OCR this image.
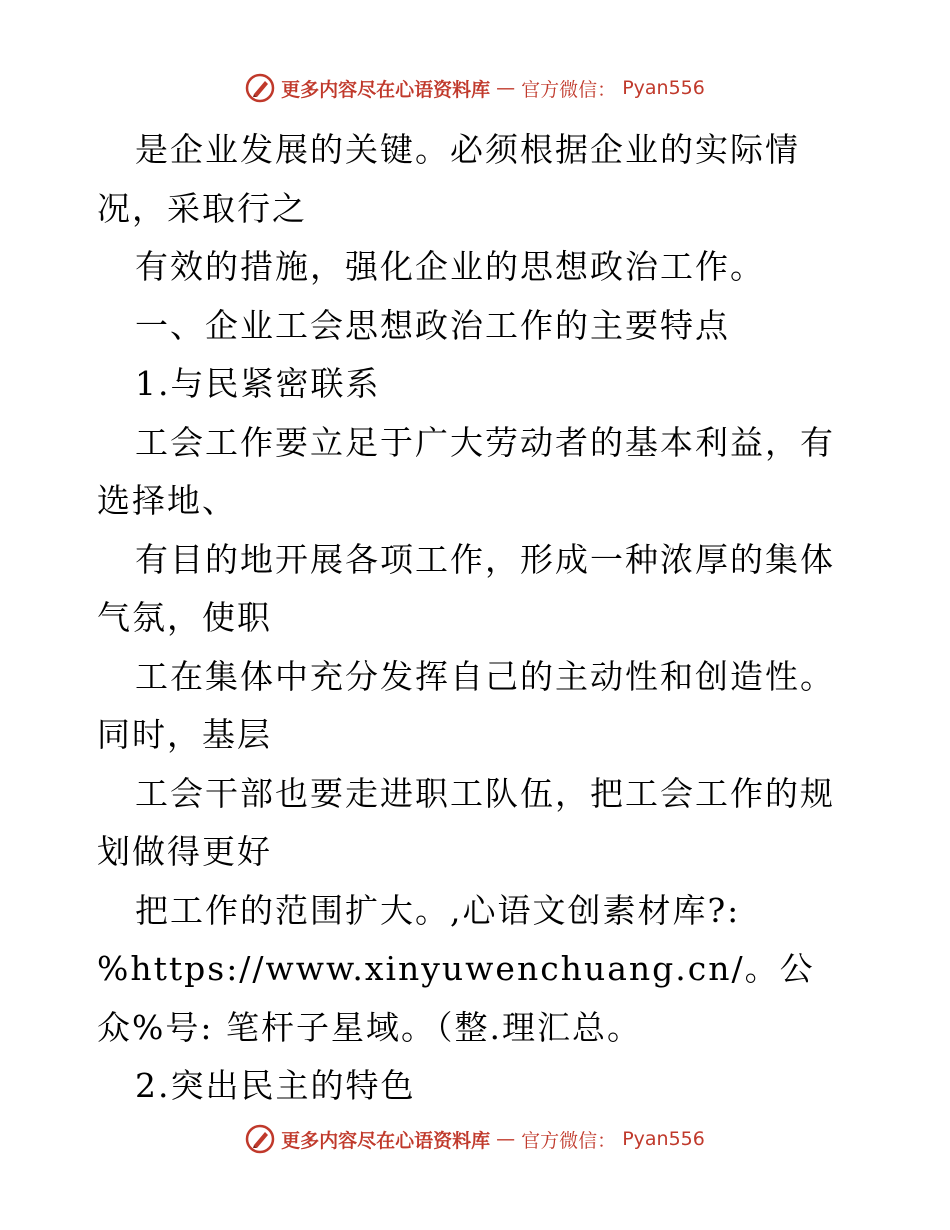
更多内容尽在心语资料库 — 官方微信： Pyan556

是企业发展的关键。必须根据企业的实际情况，采取行之

有效的措施，强化企业的思想政治工作。

一、企业工会思想政治工作的主要特点

1.与民紧密联系

工会工作要立足于广大劳动者的基本利益，有选择地、

有目的地开展各项工作，形成一种浓厚的集体气氛，使职

工在集体中充分发挥自己的主动性和创造性。同时，基层

工会干部也要走进职工队伍，把工会工作的规划做得更好

把工作的范围扩大。,心语文创素材库?:

%https://www.xinyuwenchuang.cn/。公众%号: 笔杆子星域。（整.理汇总。

2.突出民主的特色

更多内容尽在心语资料库 — 官方微信： Pyan556
